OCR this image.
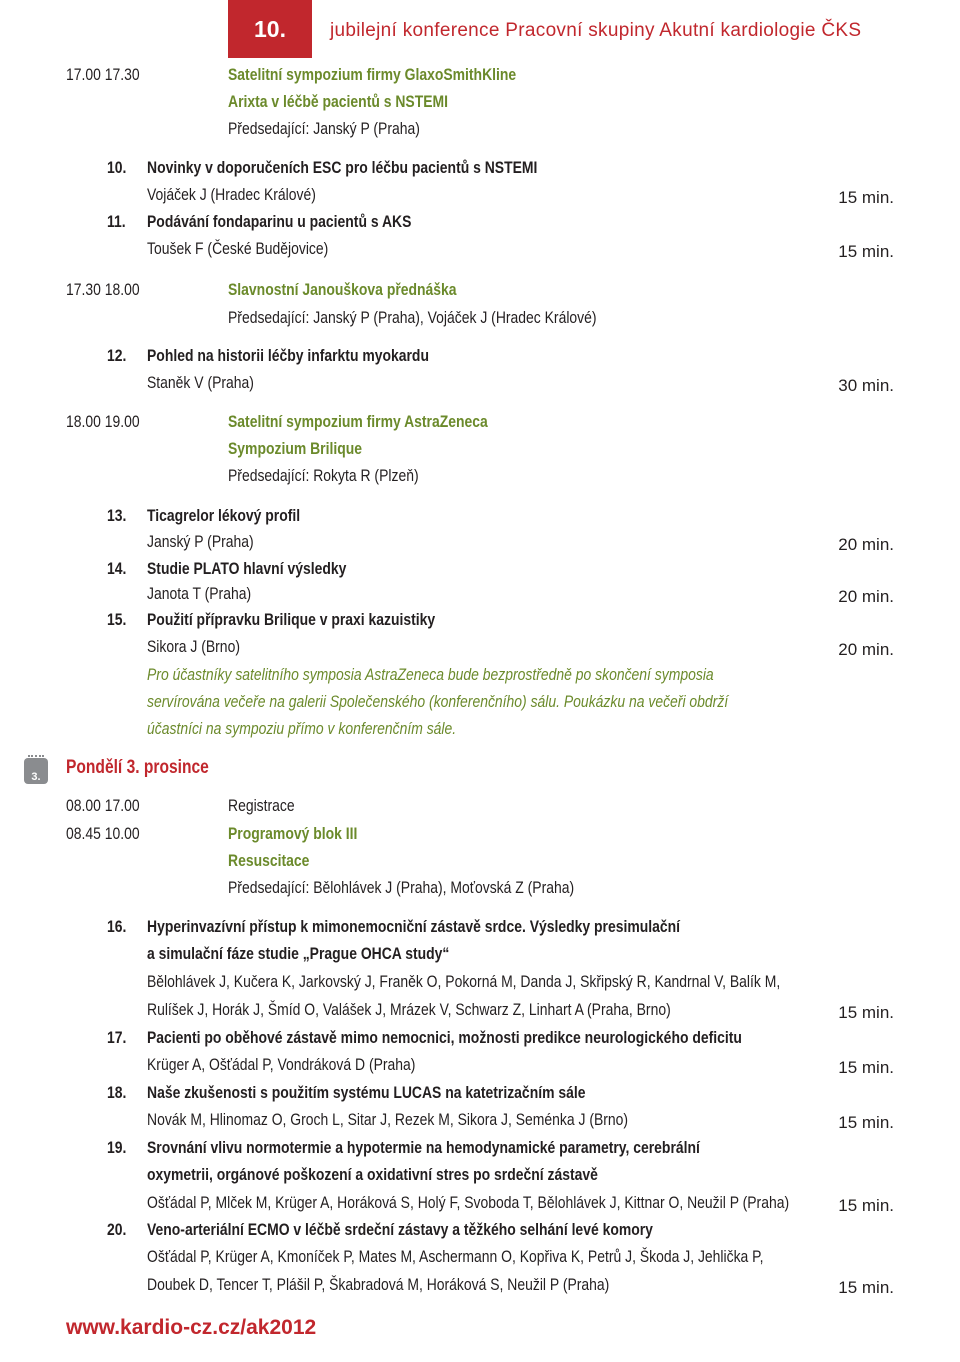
10.	jubilejní konference Pracovní skupiny Akutní kardiologie ČKS
17.00 17.30	Satelitní sympozium firmy GlaxoSmithKline
Arixta v léčbě pacientů s NSTEMI
Předsedající: Janský P (Praha)
10. Novinky v doporučeních ESC pro léčbu pacientů s NSTEMI
Vojáček J (Hradec Králové)	15 min.
11. Podávání fondaparinu u pacientů s AKS
Toušek F (České Budějovice)	15 min.
17.30 18.00	Slavnostní Janouškova přednáška
Předsedající: Janský P (Praha), Vojáček J (Hradec Králové)
12. Pohled na historii léčby infarktu myokardu
Staněk V (Praha)	30 min.
18.00 19.00	Satelitní sympozium firmy AstraZeneca
Sympozium Brilique
Předsedající: Rokyta R (Plzeň)
13. Ticagrelor lékový profil
Janský P (Praha)	20 min.
14. Studie PLATO hlavní výsledky
Janota T (Praha)	20 min.
15. Použití přípravku Brilique v praxi kazuistiky
Sikora J (Brno)	20 min.
Pro účastníky satelitního symposia AstraZeneca bude bezprostředně po skončení symposia
servírována večeře na galerii Společenského (konferenčního) sálu. Poukázku na večeři obdrží
účastníci na sympoziu přímo v konferenčním sále.
3. Pondělí 3. prosince
08.00 17.00	Registrace
08.45 10.00	Programový blok III
Resuscitace
Předsedající: Bělohlávek J (Praha), Moťovská Z (Praha)
16. Hyperinvazívní přístup k mimonemocniční zástavě srdce. Výsledky presimulační
a simulační fáze studie „Prague OHCA study“
Bělohlávek J, Kučera K, Jarkovský J, Franěk O, Pokorná M, Danda J, Skřipský R, Kandrnal V, Balík M,
Rulíšek J, Horák J, Šmíd O, Valášek J, Mrázek V, Schwarz Z, Linhart A (Praha, Brno)	15 min.
17. Pacienti po oběhové zástavě mimo nemocnici, možnosti predikce neurologického deficitu
Krüger A, Ošťádal P, Vondráková D (Praha)	15 min.
18. Naše zkušenosti s použitím systému LUCAS na katetrizačním sále
Novák M, Hlinomaz O, Groch L, Sitar J, Rezek M, Sikora J, Seménka J (Brno)	15 min.
19. Srovnání vlivu normotermie a hypotermie na hemodynamické parametry, cerebrální
oxymetrii, orgánové poškození a oxidativní stres po srdeční zástavě
Ošťádal P, Mlček M, Krüger A, Horáková S, Holý F, Svoboda T, Bělohlávek J, Kittnar O, Neužil P (Praha)	15 min.
20. Veno-arteriální ECMO v léčbě srdeční zástavy a těžkého selhání levé komory
Ošťádal P, Krüger A, Kmoníček P, Mates M, Aschermann O, Kopřiva K, Petrů J, Škoda J, Jehlička P,
Doubek D, Tencer T, Plášil P, Škabradová M, Horáková S, Neužil P (Praha)	15 min.
www.kardio-cz.cz/ak2012
